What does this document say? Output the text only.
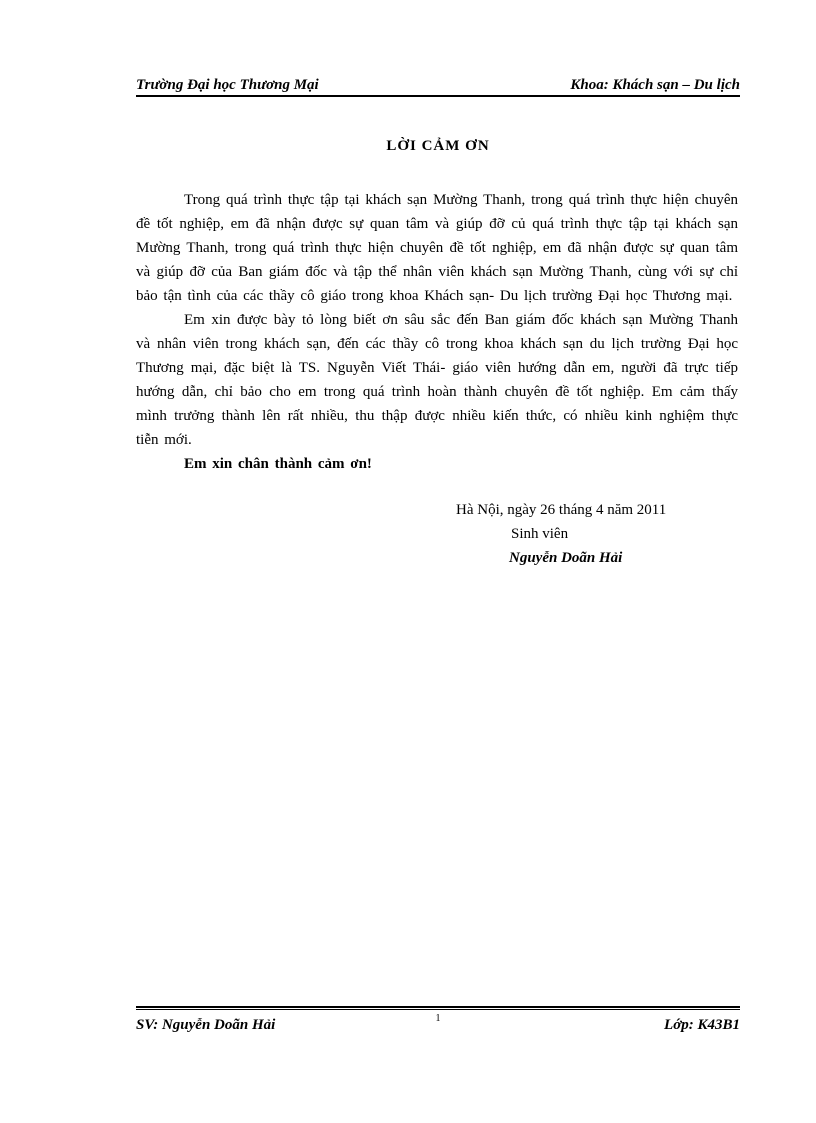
Trường Đại học Thương Mại	Khoa: Khách sạn – Du lịch
LỜI CẢM ƠN

Trong quá trình thực tập tại khách sạn Mường Thanh, trong quá trình thực hiện chuyên đề tốt nghiệp, em đã nhận được sự quan tâm và giúp đỡ củ quá trình thực tập tại khách sạn Mường Thanh, trong quá trình thực hiện chuyên đề tốt nghiệp, em đã nhận được sự quan tâm và giúp đỡ của Ban giám đốc và tập thể nhân viên khách sạn Mường Thanh, cùng với sự chỉ bảo tận tình của các thầy cô giáo trong khoa Khách sạn- Du lịch trường Đại học Thương mại.

Em xin được bày tỏ lòng biết ơn sâu sắc đến Ban giám đốc khách sạn Mường Thanh và nhân viên trong khách sạn, đến các thầy cô trong khoa khách sạn du lịch trường Đại học Thương mại, đặc biệt là TS. Nguyễn Viết Thái- giáo viên hướng dẫn em, người đã trực tiếp hướng dẫn, chỉ bảo cho em trong quá trình hoàn thành chuyên đề tốt nghiệp. Em cảm thấy mình trưởng thành lên rất nhiều, thu thập được nhiều kiến thức, có nhiều kinh nghiệm thực tiễn mới.

Em xin chân thành cảm ơn!

Hà Nội, ngày 26 tháng 4 năm 2011
Sinh viên
Nguyễn Doãn Hải
SV: Nguyễn Doãn Hải	1	Lớp: K43B1
